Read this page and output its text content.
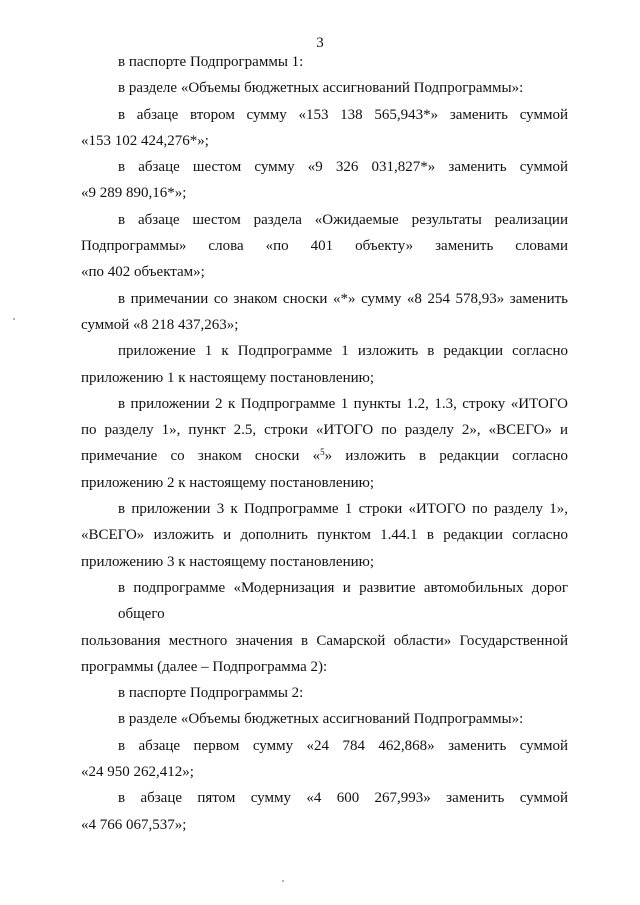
3

в паспорте Подпрограммы 1:

в разделе «Объемы бюджетных ассигнований Подпрограммы»:

в абзаце втором сумму «153 138 565,943*» заменить суммой
«153 102 424,276*»;

в абзаце шестом сумму «9 326 031,827*» заменить суммой
«9 289 890,16*»;

в абзаце шестом раздела «Ожидаемые результаты реализации
Подпрограммы» слова «по 401 объекту» заменить словами
«по 402 объектам»;

в примечании со знаком сноски «*» сумму «8 254 578,93» заменить
суммой «8 218 437,263»;

приложение 1 к Подпрограмме 1 изложить в редакции согласно
приложению 1 к настоящему постановлению;

в приложении 2 к Подпрограмме 1 пункты 1.2, 1.3, строку «ИТОГО
по разделу 1», пункт 2.5, строки «ИТОГО по разделу 2», «ВСЕГО» и
примечание со знаком сноски «$^5$» изложить в редакции согласно
приложению 2 к настоящему постановлению;

в приложении 3 к Подпрограмме 1 строки «ИТОГО по разделу 1»,
«ВСЕГО» изложить и дополнить пунктом 1.44.1 в редакции согласно
приложению 3 к настоящему постановлению;

в подпрограмме «Модернизация и развитие автомобильных дорог общего
пользования местного значения в Самарской области» Государственной
программы (далее – Подпрограмма 2):

в паспорте Подпрограммы 2:

в разделе «Объемы бюджетных ассигнований Подпрограммы»:

в абзаце первом сумму «24 784 462,868» заменить суммой
«24 950 262,412»;

в абзаце пятом сумму «4 600 267,993» заменить суммой
«4 766 067,537»;
